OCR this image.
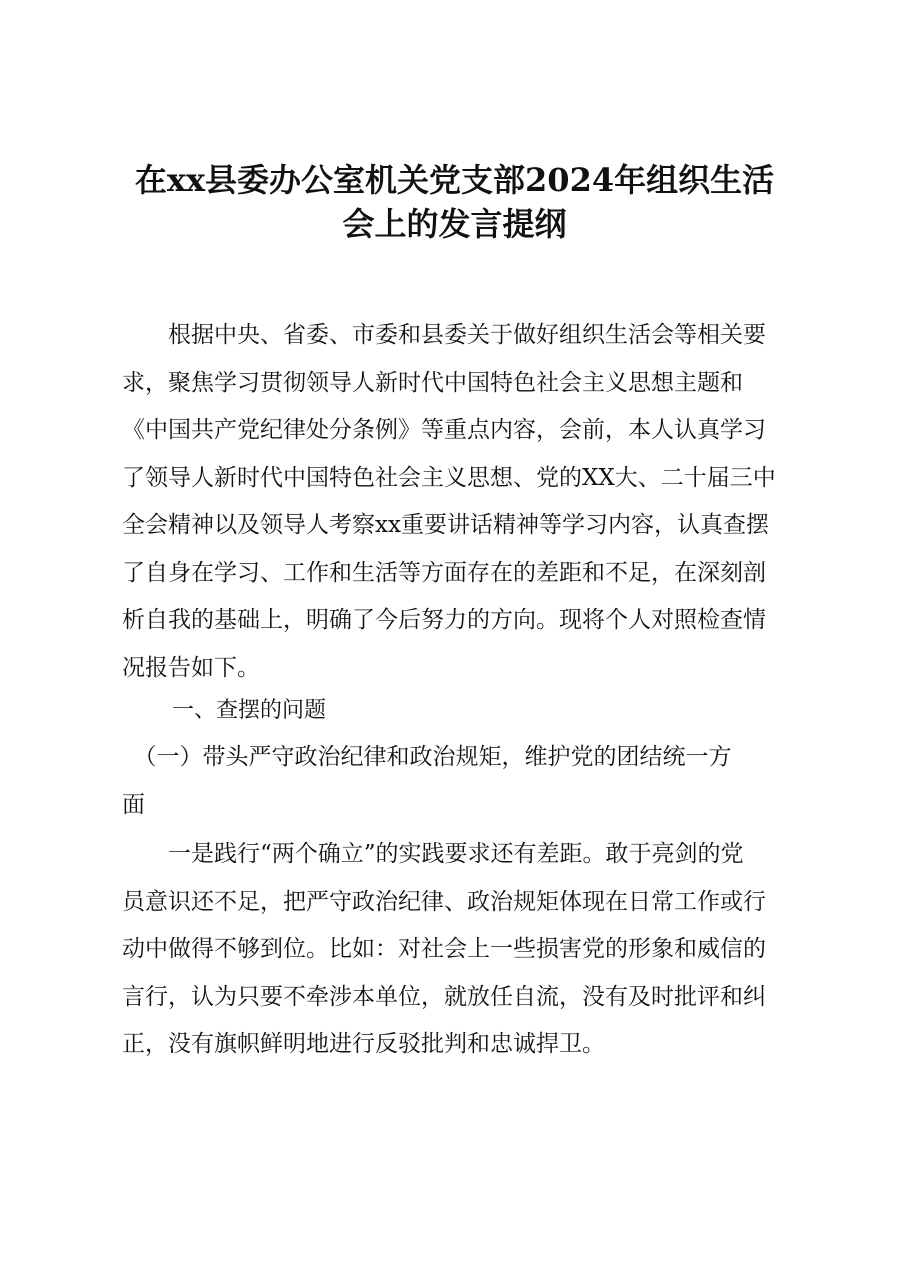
在xx县委办公室机关党支部2024年组织生活
会上的发言提纲

　　根据中央、省委、市委和县委关于做好组织生活会等相关要
求，聚焦学习贯彻领导人新时代中国特色社会主义思想主题和
《中国共产党纪律处分条例》等重点内容，会前，本人认真学习
了领导人新时代中国特色社会主义思想、党的XX大、二十届三中
全会精神以及领导人考察xx重要讲话精神等学习内容，认真查摆
了自身在学习、工作和生活等方面存在的差距和不足，在深刻剖
析自我的基础上，明确了今后努力的方向。现将个人对照检查情
况报告如下。

一、查摆的问题

　（一）带头严守政治纪律和政治规矩，维护党的团结统一方
面

　　一是践行“两个确立”的实践要求还有差距。敢于亮剑的党
员意识还不足，把严守政治纪律、政治规矩体现在日常工作或行
动中做得不够到位。比如：对社会上一些损害党的形象和威信的
言行，认为只要不牵涉本单位，就放任自流，没有及时批评和纠
正，没有旗帜鲜明地进行反驳批判和忠诚捍卫。
